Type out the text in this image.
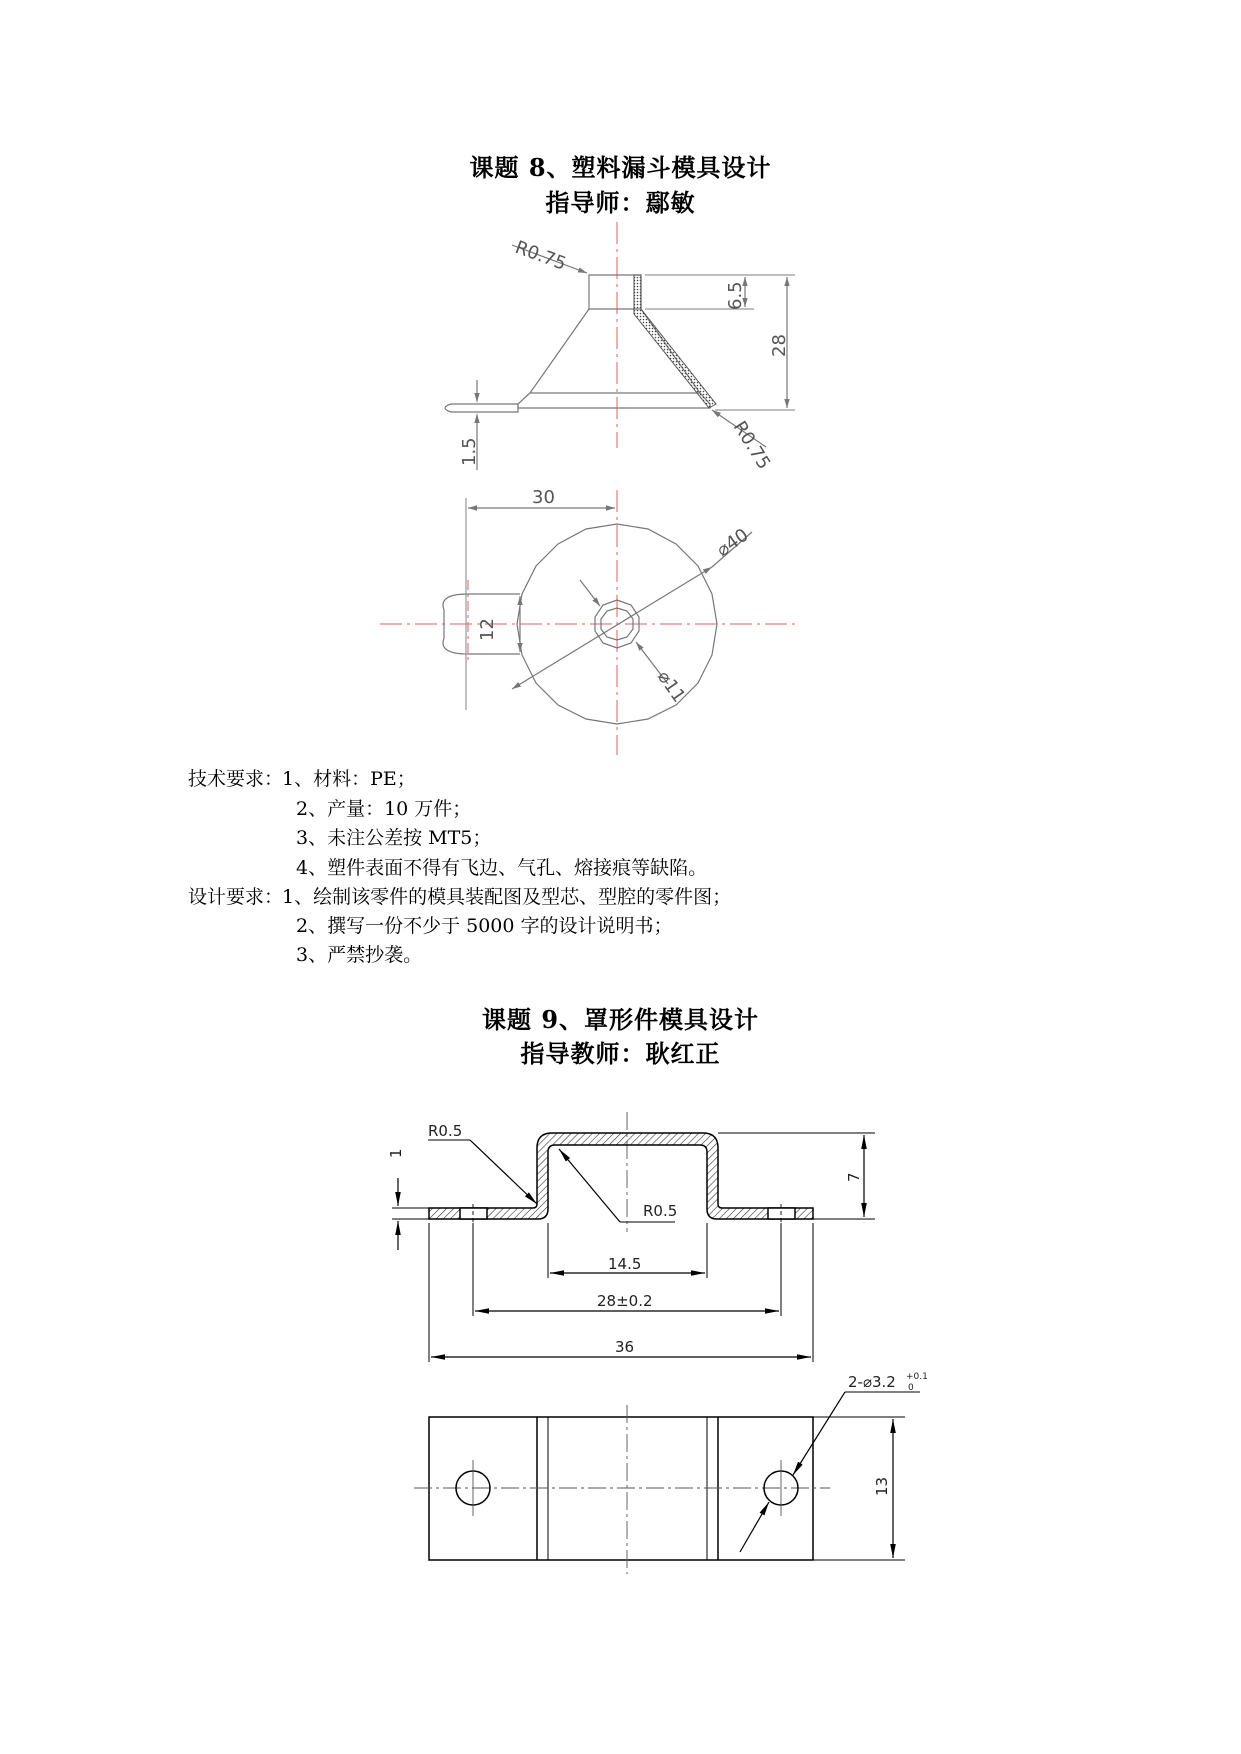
课题 8、塑料漏斗模具设计
指导师：鄢敏
技术要求：
1、材料：PE；
2、产量：10 万件；
3、未注公差按 MT5；
4、塑件表面不得有飞边、气孔、熔接痕等缺陷。
设计要求：
1、绘制该零件的模具装配图及型芯、型腔的零件图；
2、撰写一份不少于 5000 字的设计说明书；
3、严禁抄袭。
课题 9、罩形件模具设计
指导教师：耿红正
R0.75
6.5
28
1.5	R0.75
30
⌀40
12
⌀11
R0.5
R0.5
1
7
14.5
28±0.2
36
2-⌀3.2 +0.1
0
13
